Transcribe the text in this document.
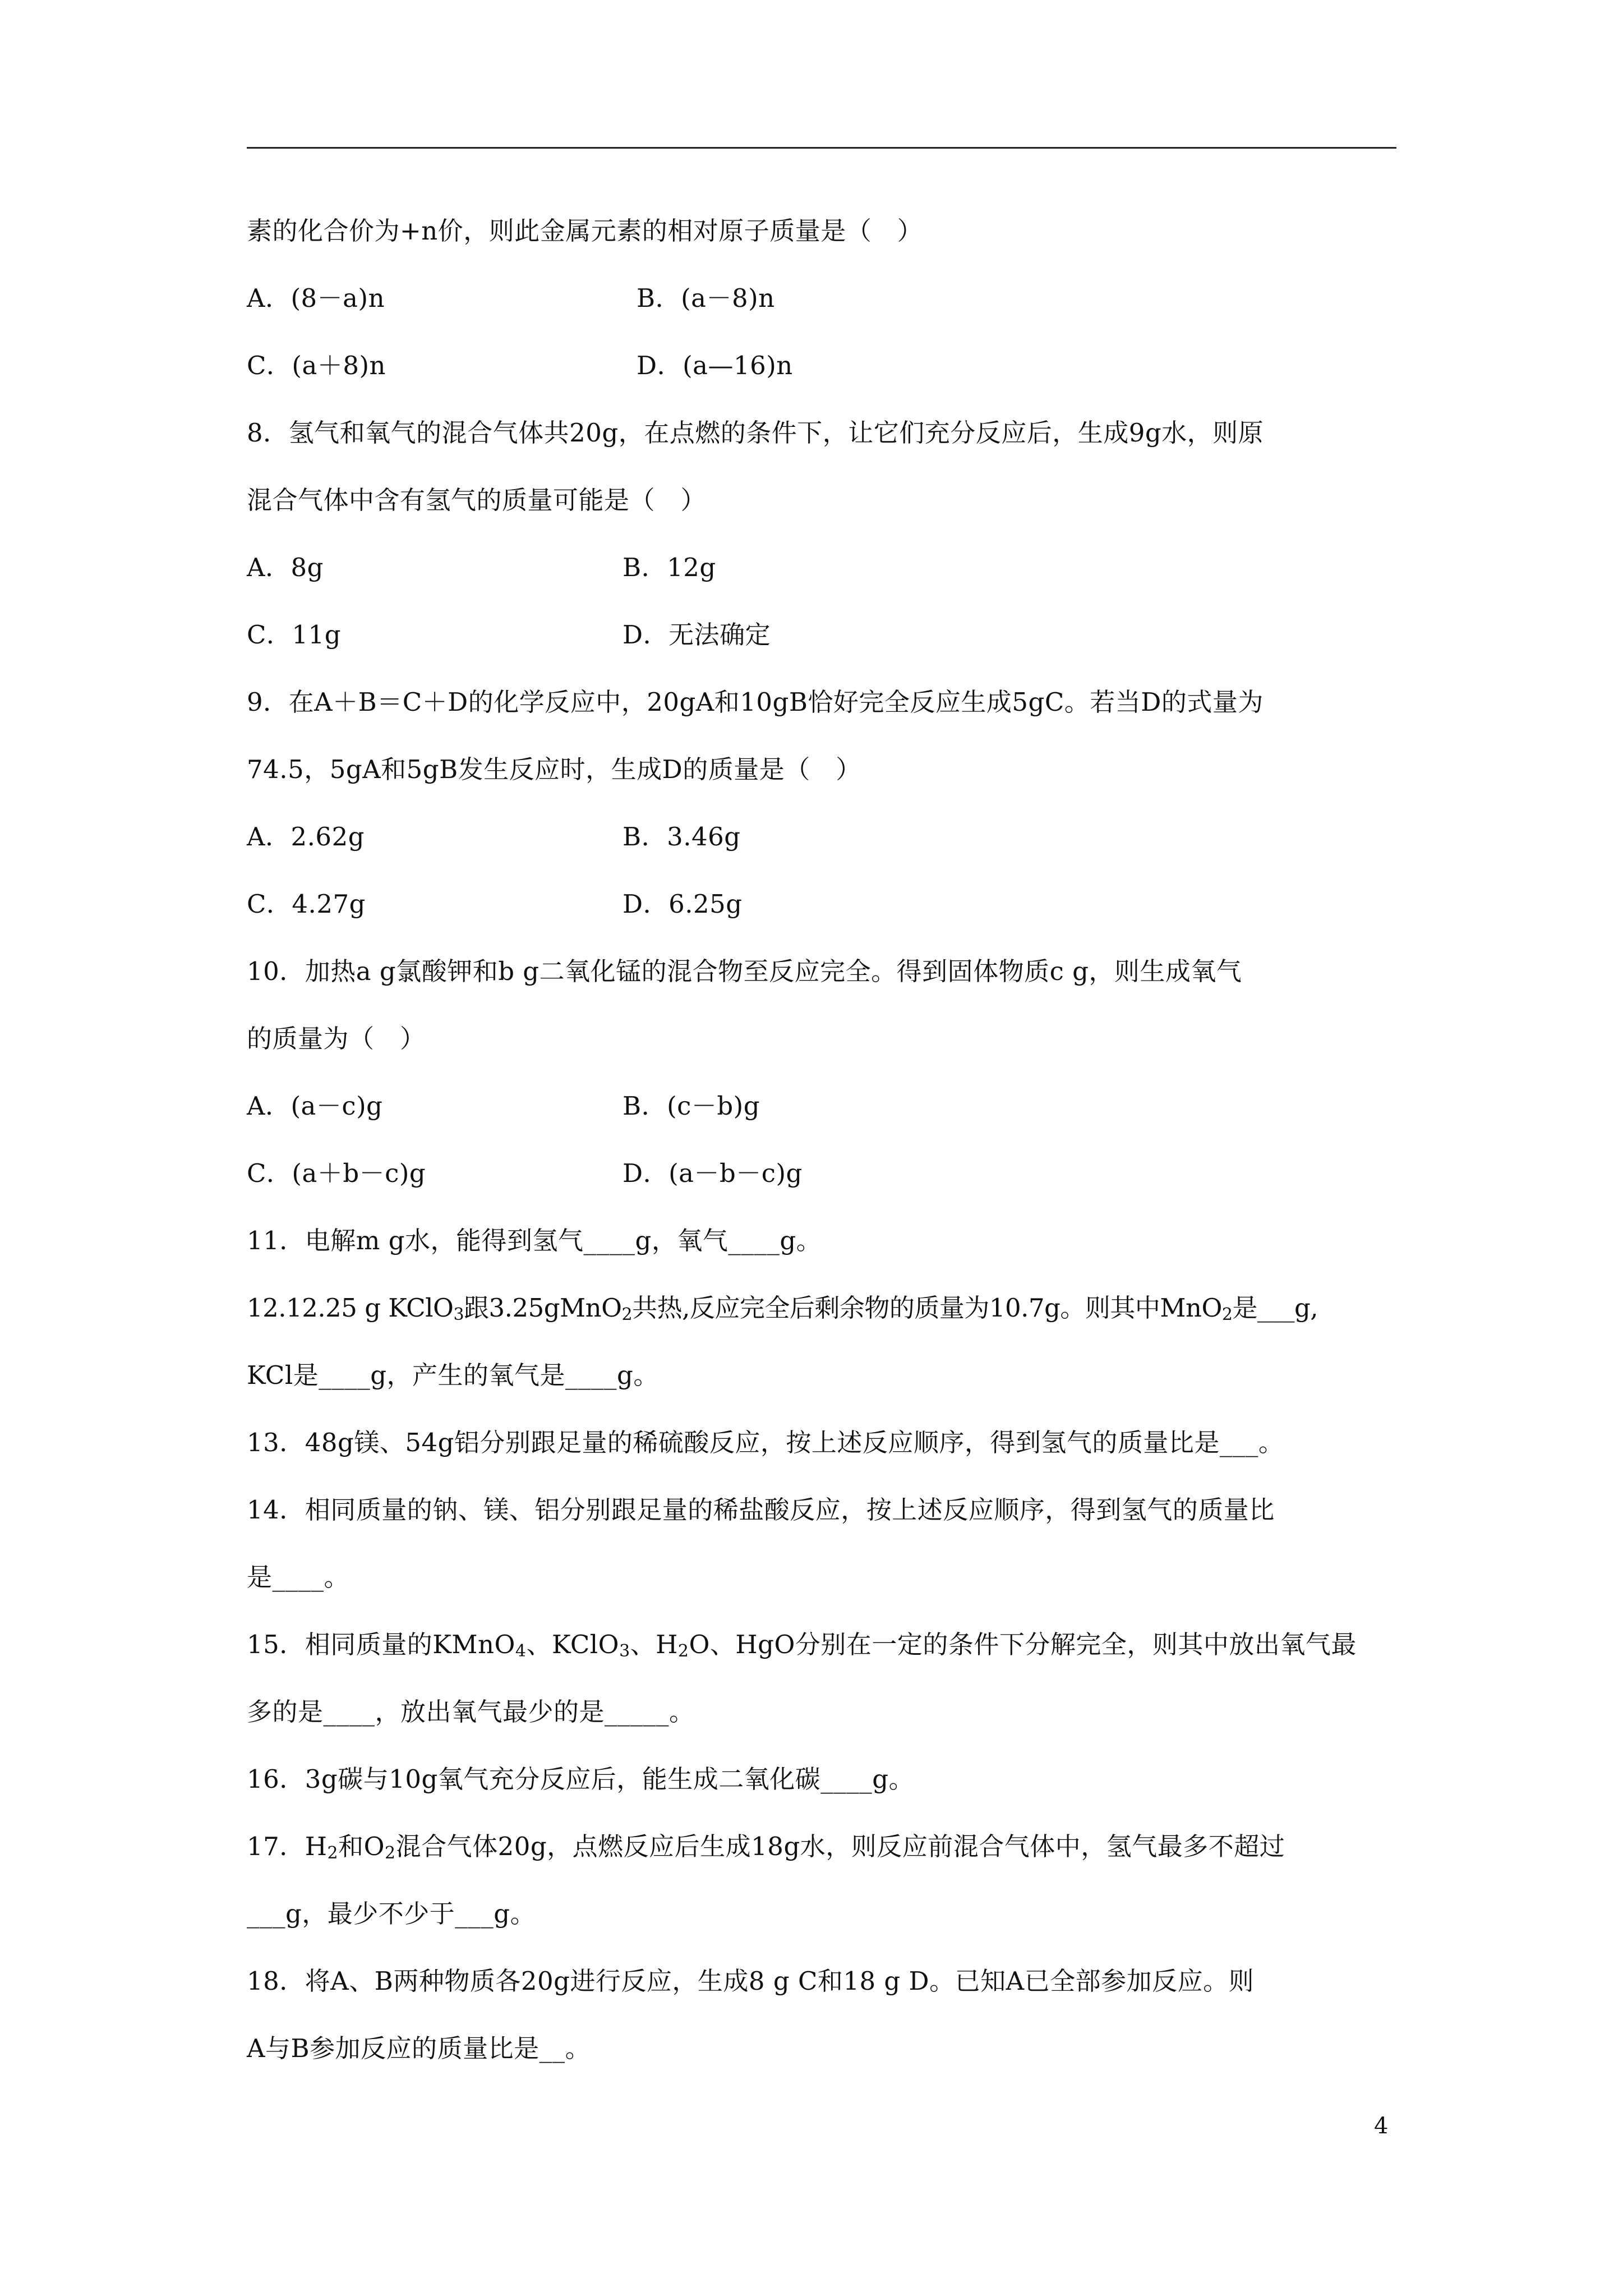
素的化合价为+n价，则此金属元素的相对原子质量是（　）
A．(8－a)n	B．(a－8)n
C．(a＋8)n	D．(a—16)n
8．氢气和氧气的混合气体共20g，在点燃的条件下，让它们充分反应后，生成9g水，则原
混合气体中含有氢气的质量可能是（　）
A．8g	B．12g
C．11g	D．无法确定
9．在A＋B＝C＋D的化学反应中，20gA和10gB恰好完全反应生成5gC。若当D的式量为
74.5，5gA和5gB发生反应时，生成D的质量是（　）
A．2.62g	B．3.46g
C．4.27g	D．6.25g
10．加热a g氯酸钾和b g二氧化锰的混合物至反应完全。得到固体物质c g，则生成氧气
的质量为（　）
A．(a－c)g	B．(c－b)g
C．(a＋b－c)g	D．(a－b－c)g
11．电解m g水，能得到氢气____g，氧气____g。
12.12.25 g KClO$_3$跟3.25gMnO$_2$共热,反应完全后剩余物的质量为10.7g。则其中MnO$_2$是___g,
KCl是____g，产生的氧气是____g。
13．48g镁、54g铝分别跟足量的稀硫酸反应，按上述反应顺序，得到氢气的质量比是___。
14．相同质量的钠、镁、铝分别跟足量的稀盐酸反应，按上述反应顺序，得到氢气的质量比
是____。
15．相同质量的KMnO$_4$、KClO$_3$、$H_2O$、HgO分别在一定的条件下分解完全，则其中放出氧气最
多的是____，放出氧气最少的是_____。
16．3g碳与10g氧气充分反应后，能生成二氧化碳____g。
17．$H_2$和$O_2$混合气体20g，点燃反应后生成18g水，则反应前混合气体中，氢气最多不超过
___g，最少不少于___g。
18．将A、B两种物质各20g进行反应，生成8 g C和18 g D。已知A已全部参加反应。则
A与B参加反应的质量比是__。
4
